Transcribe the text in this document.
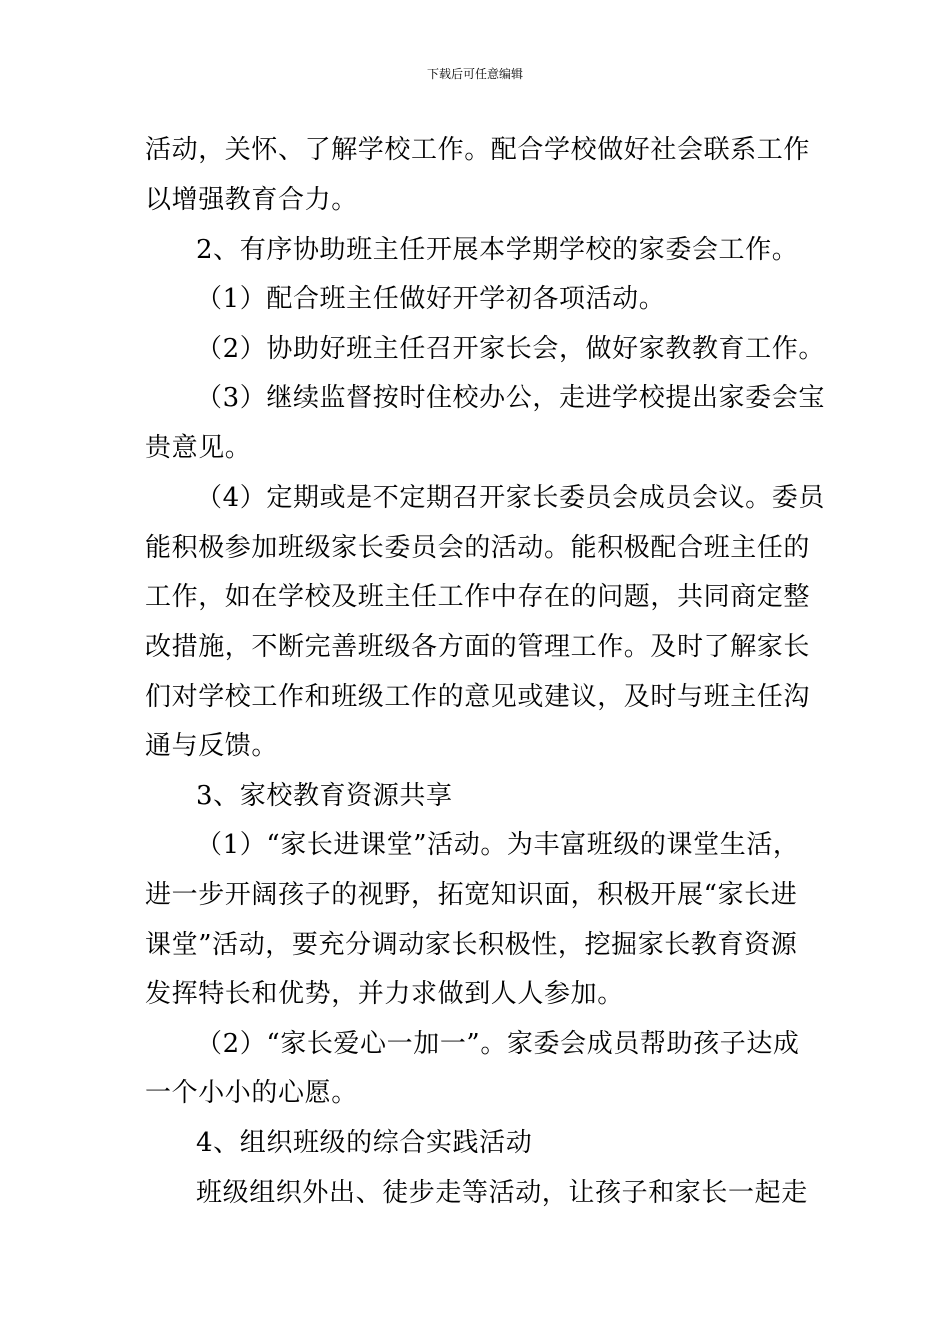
下载后可任意编辑
活动，关怀、了解学校工作。配合学校做好社会联系工作
以增强教育合力。
2、有序协助班主任开展本学期学校的家委会工作。
（1）配合班主任做好开学初各项活动。
（2）协助好班主任召开家长会，做好家教教育工作。
（3）继续监督按时住校办公，走进学校提出家委会宝
贵意见。
（4）定期或是不定期召开家长委员会成员会议。委员
能积极参加班级家长委员会的活动。能积极配合班主任的
工作，如在学校及班主任工作中存在的问题，共同商定整
改措施，不断完善班级各方面的管理工作。及时了解家长
们对学校工作和班级工作的意见或建议，及时与班主任沟
通与反馈。
3、家校教育资源共享
（1）“家长进课堂”活动。为丰富班级的课堂生活，
进一步开阔孩子的视野，拓宽知识面，积极开展“家长进
课堂”活动，要充分调动家长积极性，挖掘家长教育资源
发挥特长和优势，并力求做到人人参加。
（2）“家长爱心一加一”。家委会成员帮助孩子达成
一个小小的心愿。
4、组织班级的综合实践活动
班级组织外出、徒步走等活动，让孩子和家长一起走
